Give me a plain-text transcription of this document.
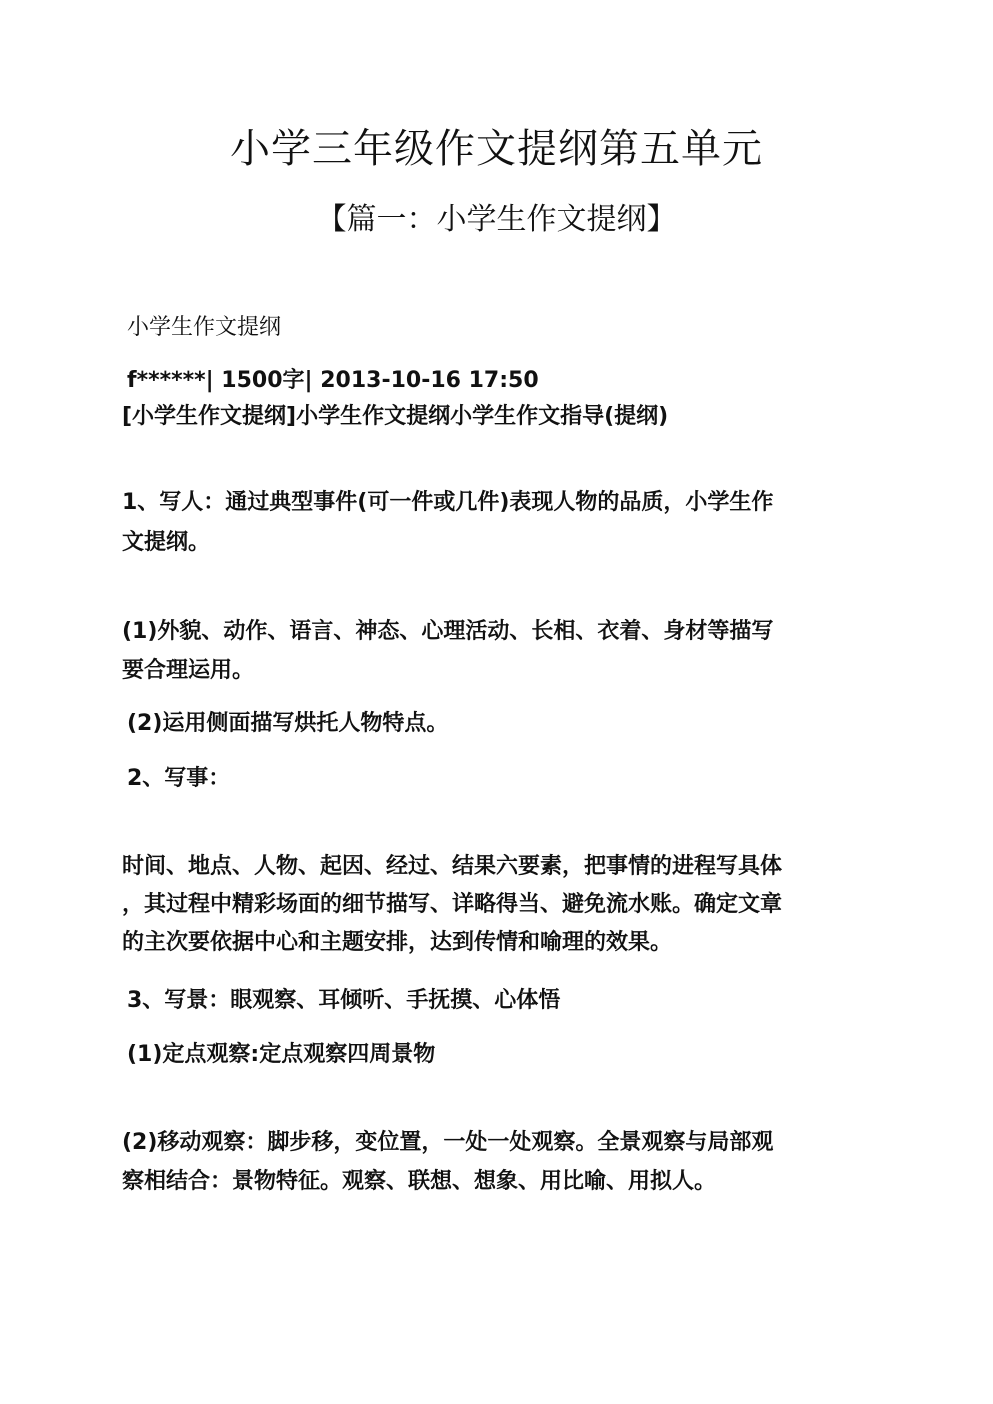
小学三年级作文提纲第五单元
【篇一：小学生作文提纲】
小学生作文提纲
f******| 1500字| 2013-10-16 17:50
[小学生作文提纲]小学生作文提纲小学生作文指导(提纲)
1、写人：通过典型事件(可一件或几件)表现人物的品质，小学生作
文提纲。
(1)外貌、动作、语言、神态、心理活动、长相、衣着、身材等描写
要合理运用。
(2)运用侧面描写烘托人物特点。
2、写事：
时间、地点、人物、起因、经过、结果六要素，把事情的进程写具体
，其过程中精彩场面的细节描写、详略得当、避免流水账。确定文章
的主次要依据中心和主题安排，达到传情和喻理的效果。
3、写景：眼观察、耳倾听、手抚摸、心体悟
(1)定点观察:定点观察四周景物
(2)移动观察：脚步移，变位置，一处一处观察。全景观察与局部观
察相结合：景物特征。观察、联想、想象、用比喻、用拟人。
